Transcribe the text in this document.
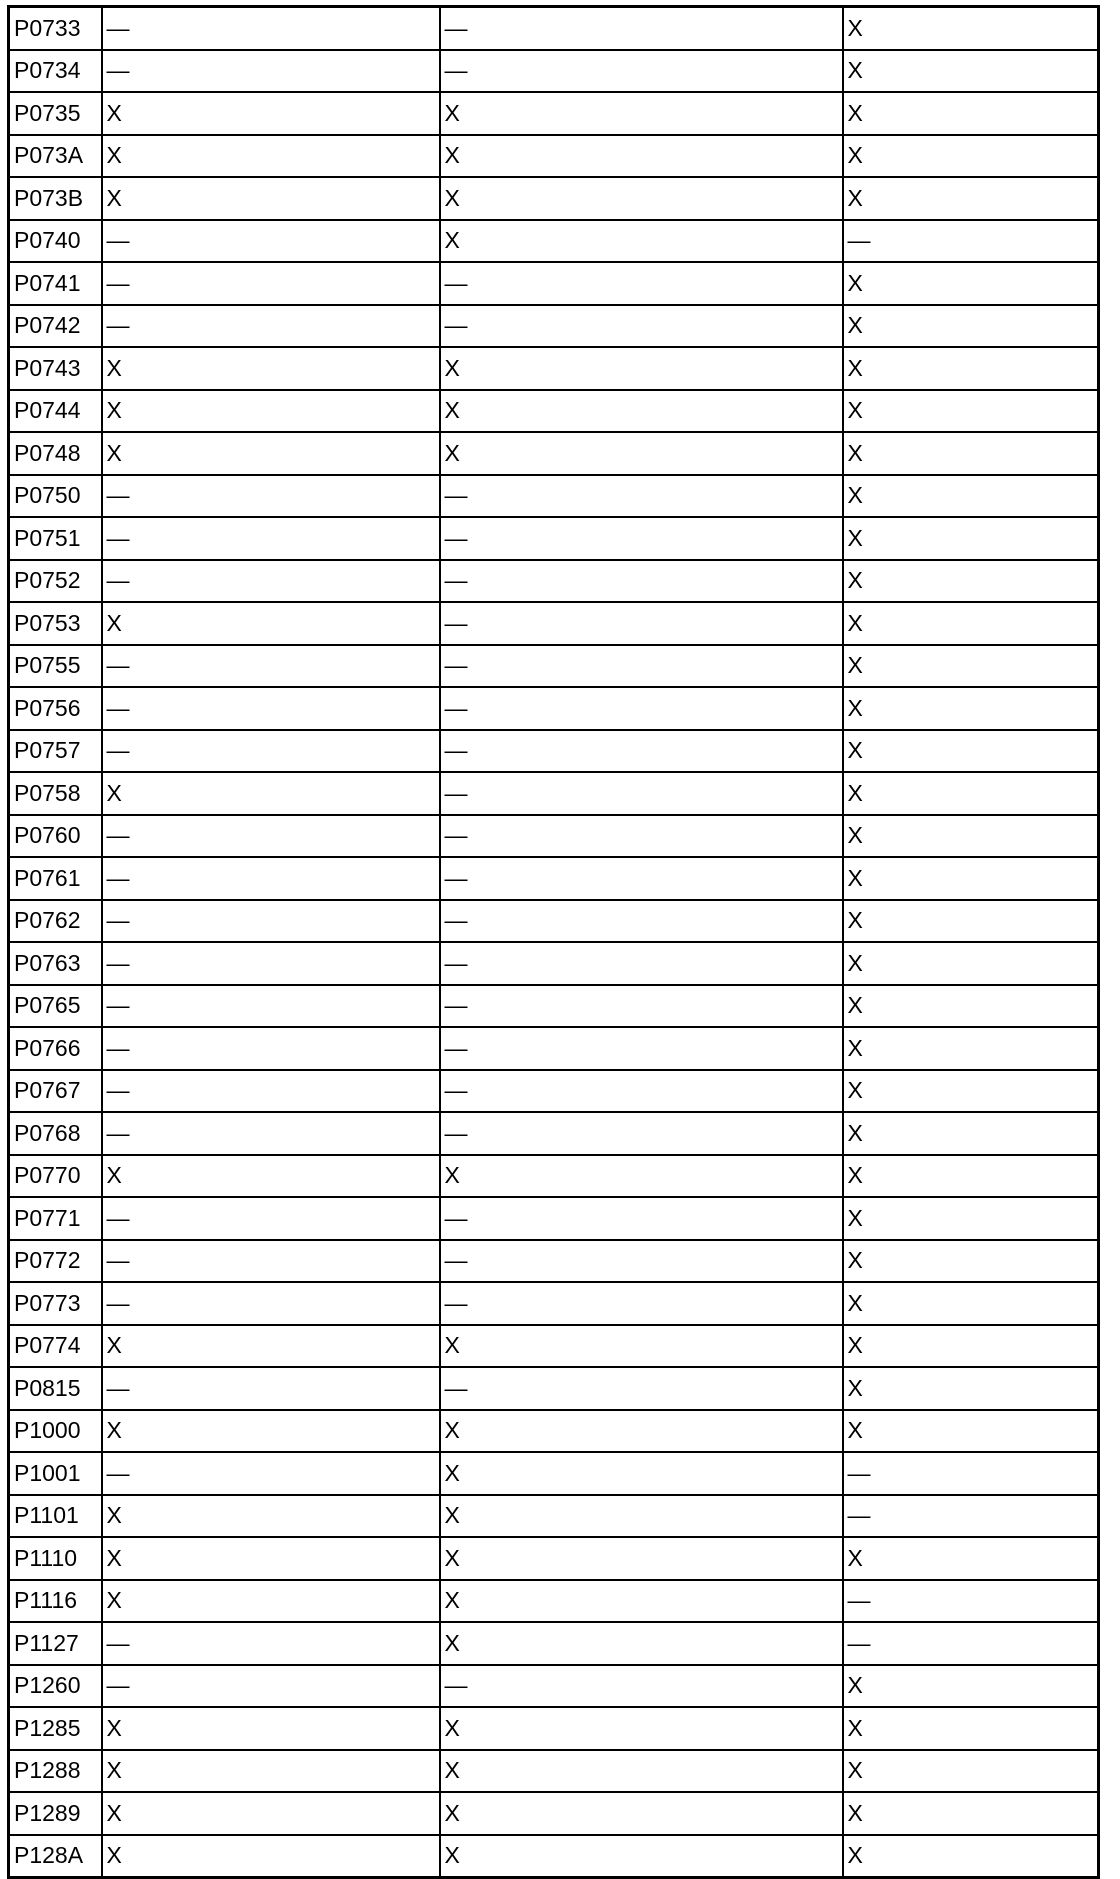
P0733	—	—	X
P0734	—	—	X
P0735	X	X	X
P073A	X	X	X
P073B	X	X	X
P0740	—	X	—
P0741	—	—	X
P0742	—	—	X
P0743	X	X	X
P0744	X	X	X
P0748	X	X	X
P0750	—	—	X
P0751	—	—	X
P0752	—	—	X
P0753	X	—	X
P0755	—	—	X
P0756	—	—	X
P0757	—	—	X
P0758	X	—	X
P0760	—	—	X
P0761	—	—	X
P0762	—	—	X
P0763	—	—	X
P0765	—	—	X
P0766	—	—	X
P0767	—	—	X
P0768	—	—	X
P0770	X	X	X
P0771	—	—	X
P0772	—	—	X
P0773	—	—	X
P0774	X	X	X
P0815	—	—	X
P1000	X	X	X
P1001	—	X	—
P1101	X	X	—
P1110	X	X	X
P1116	X	X	—
P1127	—	X	—
P1260	—	—	X
P1285	X	X	X
P1288	X	X	X
P1289	X	X	X
P128A	X	X	X
